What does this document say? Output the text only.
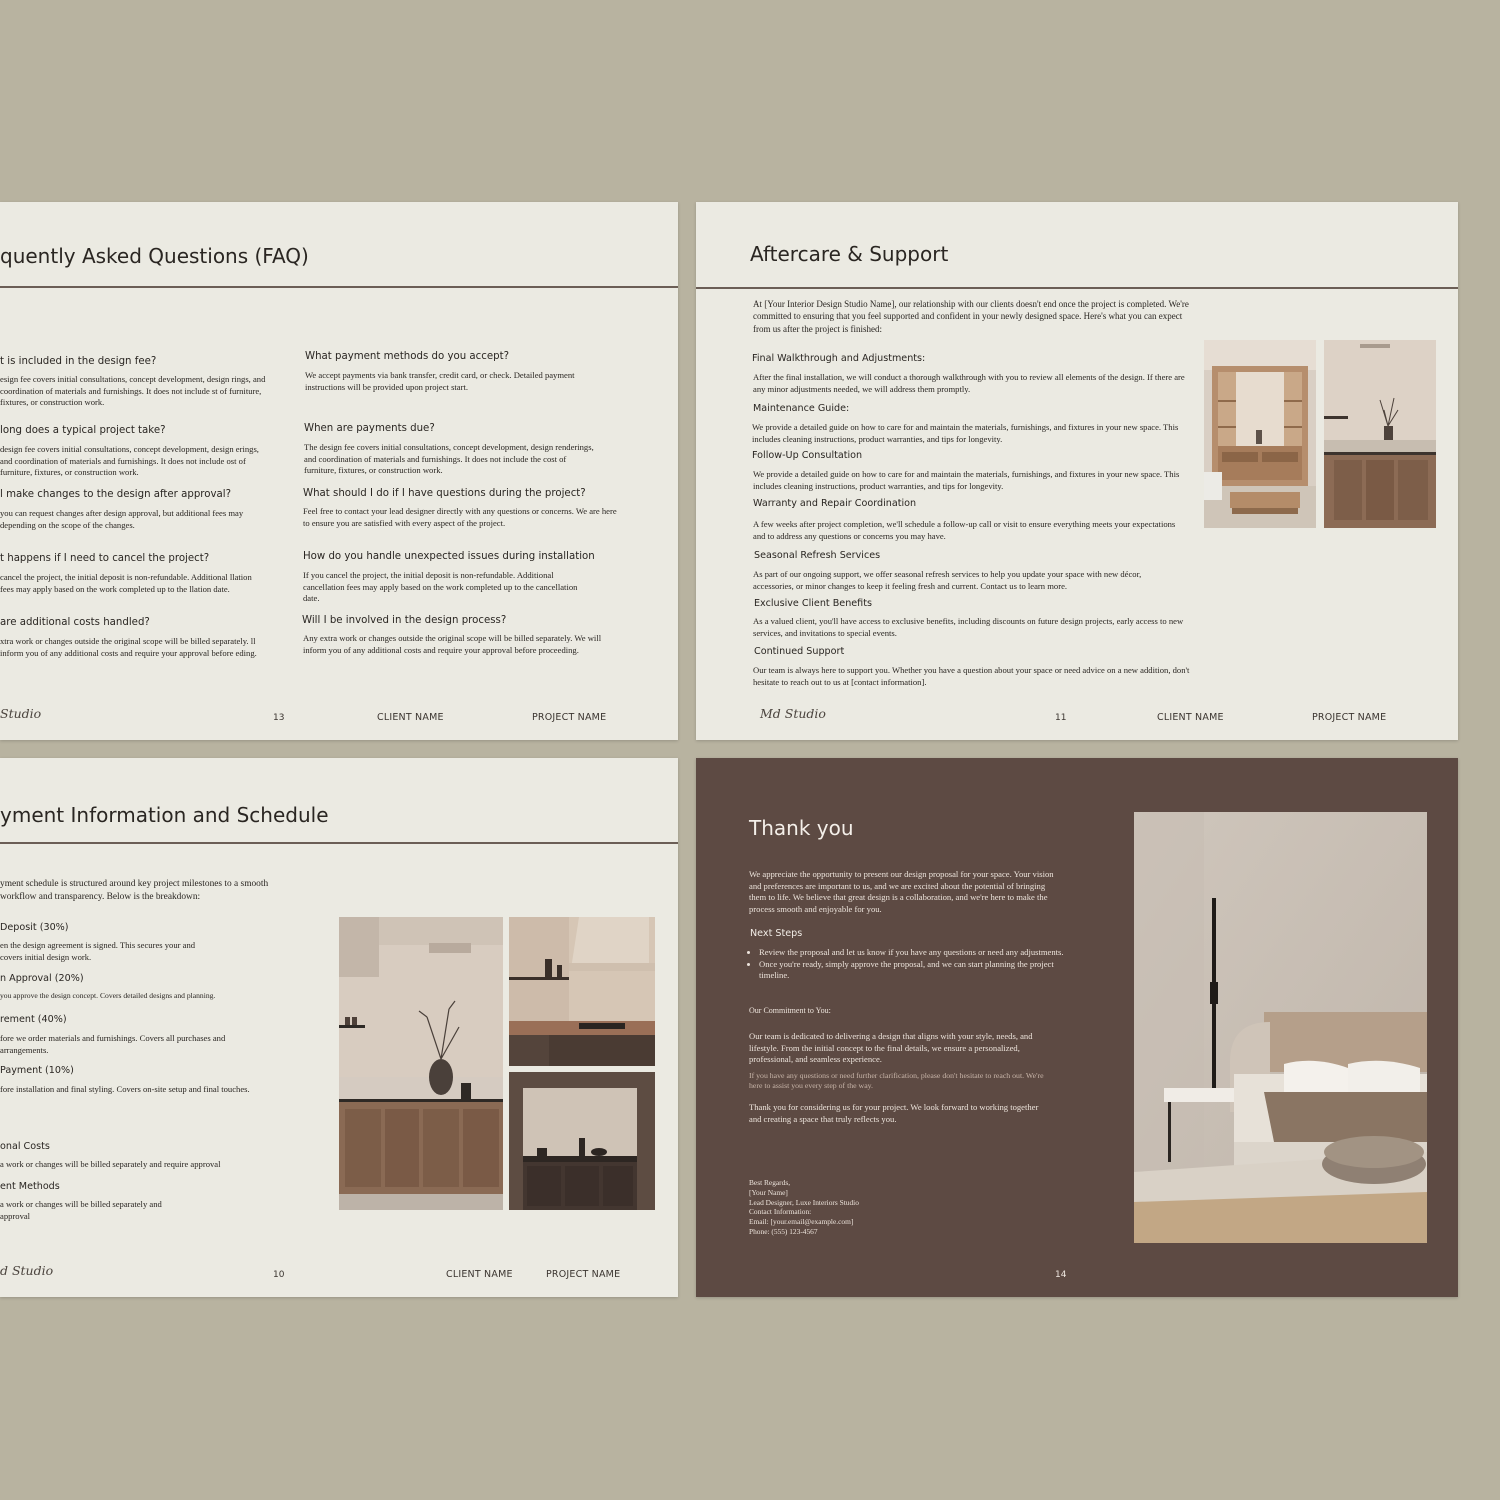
quently Asked Questions (FAQ)
t is included in the design fee?
esign fee covers initial consultations, concept development, design rings, and coordination of materials and furnishings. It does not include st of furniture, fixtures, or construction work.
long does a typical project take?
design fee covers initial consultations, concept development, design erings, and coordination of materials and furnishings. It does not include ost of furniture, fixtures, or construction work.
l make changes to the design after approval?
you can request changes after design approval, but additional fees may depending on the scope of the changes.
t happens if I need to cancel the project?
cancel the project, the initial deposit is non-refundable. Additional llation fees may apply based on the work completed up to the llation date.
are additional costs handled?
xtra work or changes outside the original scope will be billed separately. ll inform you of any additional costs and require your approval before eding.
What payment methods do you accept?
We accept payments via bank transfer, credit card, or check. Detailed payment instructions will be provided upon project start.
When are payments due?
The design fee covers initial consultations, concept development, design renderings, and coordination of materials and furnishings. It does not include the cost of furniture, fixtures, or construction work.
What should I do if I have questions during the project?
Feel free to contact your lead designer directly with any questions or concerns. We are here to ensure you are satisfied with every aspect of the project.
How do you handle unexpected issues during installation
If you cancel the project, the initial deposit is non-refundable. Additional cancellation fees may apply based on the work completed up to the cancellation date.
Will I be involved in the design process?
Any extra work or changes outside the original scope will be billed separately. We will inform you of any additional costs and require your approval before proceeding.
Studio	13	CLIENT NAME	PROJECT NAME
Aftercare & Support
At [Your Interior Design Studio Name], our relationship with our clients doesn't end once the project is completed. We're committed to ensuring that you feel supported and confident in your newly designed space. Here's what you can expect from us after the project is finished:
Final Walkthrough and Adjustments:
After the final installation, we will conduct a thorough walkthrough with you to review all elements of the design. If there are any minor adjustments needed, we will address them promptly.
Maintenance Guide:
We provide a detailed guide on how to care for and maintain the materials, furnishings, and fixtures in your new space. This includes cleaning instructions, product warranties, and tips for longevity.
Follow-Up Consultation
We provide a detailed guide on how to care for and maintain the materials, furnishings, and fixtures in your new space. This includes cleaning instructions, product warranties, and tips for longevity.
Warranty and Repair Coordination
A few weeks after project completion, we'll schedule a follow-up call or visit to ensure everything meets your expectations and to address any questions or concerns you may have.
Seasonal Refresh Services
As part of our ongoing support, we offer seasonal refresh services to help you update your space with new décor, accessories, or minor changes to keep it feeling fresh and current. Contact us to learn more.
Exclusive Client Benefits
As a valued client, you'll have access to exclusive benefits, including discounts on future design projects, early access to new services, and invitations to special events.
Continued Support
Our team is always here to support you. Whether you have a question about your space or need advice on a new addition, don't hesitate to reach out to us at [contact information].
Md Studio	11	CLIENT NAME	PROJECT NAME
yment Information and Schedule
yment schedule is structured around key project milestones to a smooth workflow and transparency. Below is the breakdown:
Deposit (30%)
en the design agreement is signed. This secures your and covers initial design work.
n Approval (20%)
you approve the design concept. Covers detailed designs and planning.
rement (40%)
fore we order materials and furnishings. Covers all purchases and arrangements.
Payment (10%)
fore installation and final styling. Covers on-site setup and final touches.
onal Costs
a work or changes will be billed separately and require approval
ent Methods
a work or changes will be billed separately and approval
d Studio	10	CLIENT NAME	PROJECT NAME
Thank you
We appreciate the opportunity to present our design proposal for your space. Your vision and preferences are important to us, and we are excited about the potential of bringing them to life. We believe that great design is a collaboration, and we're here to make the process smooth and enjoyable for you.
Next Steps
• Review the proposal and let us know if you have any questions or need any adjustments.
• Once you're ready, simply approve the proposal, and we can start planning the project timeline.
Our Commitment to You:
Our team is dedicated to delivering a design that aligns with your style, needs, and lifestyle. From the initial concept to the final details, we ensure a personalized, professional, and seamless experience.
If you have any questions or need further clarification, please don't hesitate to reach out. We're here to assist you every step of the way.
Thank you for considering us for your project. We look forward to working together and creating a space that truly reflects you.
Best Regards,
[Your Name]
Lead Designer, Luxe Interiors Studio
Contact Information:
Email: [your.email@example.com]
Phone: (555) 123-4567
14
